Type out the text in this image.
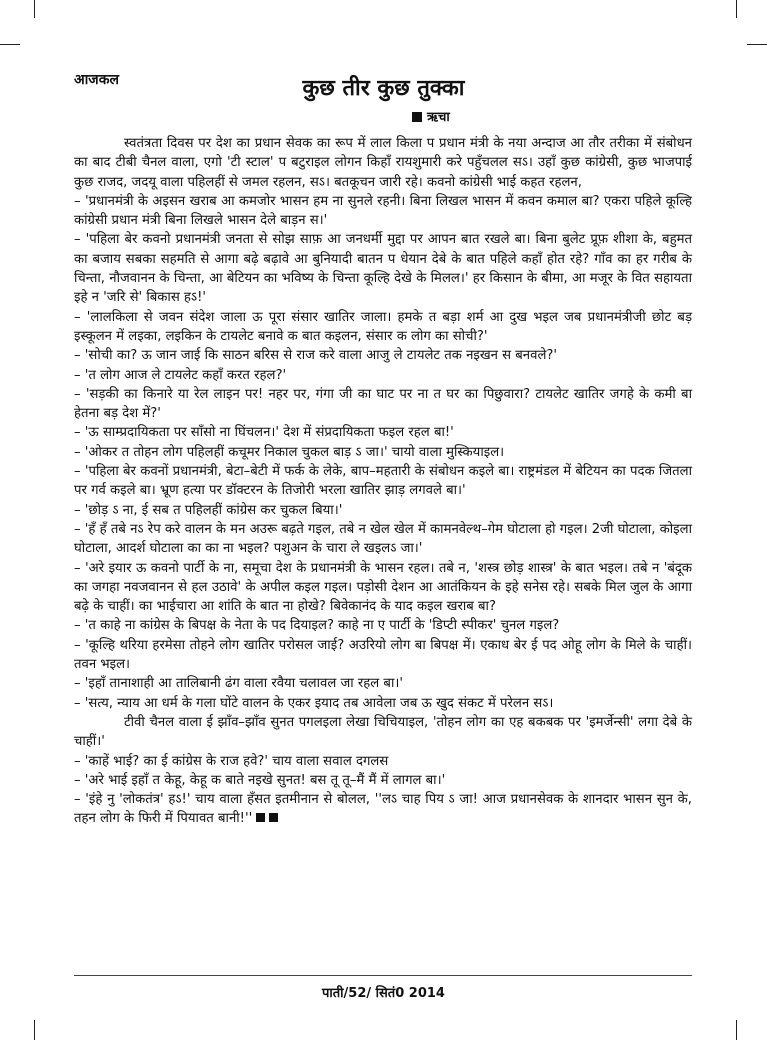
आजकल	कुछ तीर कुछ तुक्का
ऋचा

स्वतंत्रता दिवस पर देश का प्रधान सेवक का रूप में लाल किला प प्रधान मंत्री के नया अन्दाज आ तौर तरीका में संबोधन का बाद टीबी चैनल वाला, एगो 'टी स्टाल' प बटुराइल लोगन किहाँ रायशुमारी करे पहुँचलल सऽ। उहाँ कुछ कांग्रेसी, कुछ भाजपाई कुछ राजद, जदयू वाला पहिलहीं से जमल रहलन, सऽ। बतकूचन जारी रहे। कवनो कांग्रेसी भाई कहत रहलन,

– 'प्रधानमंत्री के अइसन खराब आ कमजोर भासन हम ना सुनले रहनी। बिना लिखल भासन में कवन कमाल बा? एकरा पहिले कूल्हि कांग्रेसी प्रधान मंत्री बिना लिखले भासन देले बाड़न स।'

– 'पहिला बेर कवनो प्रधानमंत्री जनता से सोझ साफ़ आ जनधर्मी मुद्दा पर आपन बात रखले बा। बिना बुलेट प्रूफ़ शीशा के, बहुमत का बजाय सबका सहमति से आगा बढ़े बढ़ावे आ बुनियादी बातन प धेयान देबे के बात पहिले कहाँ होत रहे? गाँव का हर गरीब के चिन्ता, नौजवानन के चिन्ता, आ बेटियन का भविष्य के चिन्ता कूल्हि देखे के मिलल।' हर किसान के बीमा, आ मजूर के वित सहायता इहे न 'जरि से' बिकास हऽ!'

– 'लालकिला से जवन संदेश जाला ऊ पूरा संसार खातिर जाला। हमके त बड़ा शर्म आ दुख भइल जब प्रधानमंत्रीजी छोट बड़ इस्कूलन में लइका, लइकिन के टायलेट बनावे क बात कइलन, संसार क लोग का सोची?'

– 'सोची का? ऊ जान जाई कि साठन बरिस से राज करे वाला आजु ले टायलेट तक नइखन स बनवले?'

– 'त लोग आज ले टायलेट कहाँ करत रहल?'

– 'सड़की का किनारे या रेल लाइन पर! नहर पर, गंगा जी का घाट पर ना त घर का पिछुवारा? टायलेट खातिर जगहे के कमी बा हेतना बड़ देश में?'

– 'ऊ साम्प्रदायिकता पर साँसो ना घिंचलन।' देश में संप्रदायिकता फइल रहल बा!'

– 'ओकर त तोहन लोग पहिलहीं कचूमर निकाल चुकल बाड़ ऽ जा।' चायो वाला मुस्कियाइल।

– 'पहिला बेर कवनों प्रधानमंत्री, बेटा–बेटी में फर्क के लेके, बाप–महतारी के संबोधन कइले बा। राष्ट्रमंडल में बेटियन का पदक जितला पर गर्व कइले बा। भ्रूण हत्या पर डॉक्टरन के तिजोरी भरला खातिर झाड़ लगवले बा।'

– 'छोड़ ऽ ना, ई सब त पहिलहीं कांग्रेस कर चुकल बिया।'

– 'हँ हँ तबे नऽ रेप करे वालन के मन अउरू बढ़ते गइल, तबे न खेल खेल में कामनवेल्थ–गेम घोटाला हो गइल। 2जी घोटाला, कोइला घोटाला, आदर्श घोटाला का का ना भइल? पशुअन के चारा ले खइलऽ जा।'

– 'अरे इयार ऊ कवनो पार्टी के ना, समूचा देश के प्रधानमंत्री के भासन रहल। तबे न, 'शस्त्र छोड़ शास्त्र' के बात भइल। तबे न 'बंदूक का जगहा नवजवानन से हल उठावे' के अपील कइल गइल। पड़ोसी देशन आ आतंकियन के इहे सनेस रहे। सबके मिल जुल के आगा बढ़े के चाहीं। का भाईचारा आ शांति के बात ना होखे? बिवेकानंद के याद कइल खराब बा?

– 'त काहे ना कांग्रेस के बिपक्ष के नेता के पद दियाइल? काहे ना ए पार्टी के 'डिप्टी स्पीकर' चुनल गइल?

– 'कूल्हि थरिया हरमेसा तोहने लोग खातिर परोसल जाई? अउरियो लोग बा बिपक्ष में। एकाध बेर ई पद ओहू लोग के मिले के चाहीं। तवन भइल।

– 'इहाँ तानाशाही आ तालिबानी ढंग वाला रवैया चलावल जा रहल बा।'

– 'सत्य, न्याय आ धर्म के गला घोंटे वालन के एकर इयाद तब आवेला जब ऊ खुद संकट में परेलन सऽ।

टीवी चैनल वाला ई झाँव–झाँव सुनत पगलइला लेखा चिचियाइल, 'तोहन लोग का एह बकबक पर 'इमर्जेन्सी' लगा देबे के चाहीं।'

– 'काहें भाई? का ई कांग्रेस के राज हवे?' चाय वाला सवाल दगलस

– 'अरे भाई इहाँ त केहू, केहू क बाते नइखे सुनत! बस तू तू–मैं मैं में लागल बा।'

– 'इंहे नु 'लोकतंत्र' हऽ!' चाय वाला हँसत इतमीनान से बोलल, ''लऽ चाह पिय ऽ जा! आज प्रधानसेवक के शानदार भासन सुन के, तहन लोग के फिरी में पियावत बानी!''

पाती/52/ सितं0 2014
